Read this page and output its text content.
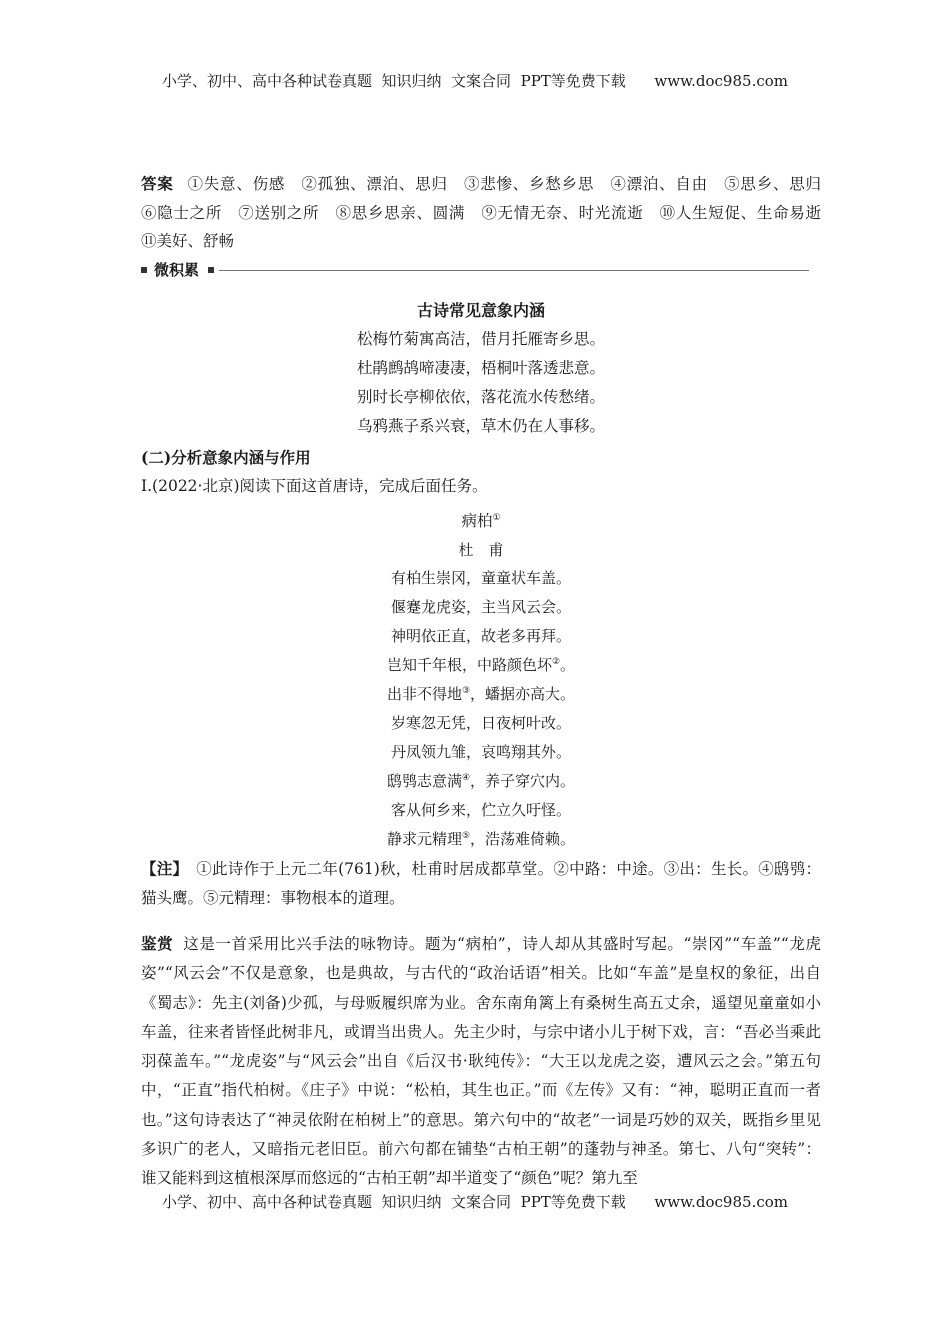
小学、初中、高中各种试卷真题  知识归纳  文案合同  PPT等免费下载      www.doc985.com

答案 ①失意、伤感　②孤独、漂泊、思归　③悲惨、乡愁乡思　④漂泊、自由　⑤思乡、思归　⑥隐士之所　⑦送别之所　⑧思乡思亲、圆满　⑨无情无奈、时光流逝　⑩人生短促、生命易逝　⑪美好、舒畅

微积累
古诗常见意象内涵
松梅竹菊寓高洁，借月托雁寄乡思。
杜鹃鹧鸪啼凄凄，梧桐叶落透悲意。
别时长亭柳依依，落花流水传愁绪。
乌鸦燕子系兴衰，草木仍在人事移。
(二)分析意象内涵与作用
Ⅰ.(2022·北京)阅读下面这首唐诗，完成后面任务。
病柏①
杜　甫
有柏生崇冈，童童状车盖。
偃蹇龙虎姿，主当风云会。
神明依正直，故老多再拜。
岂知千年根，中路颜色坏②。
出非不得地③，蟠据亦高大。
岁寒忽无凭，日夜柯叶改。
丹凤领九雏，哀鸣翔其外。
鸱鸮志意满④，养子穿穴内。
客从何乡来，伫立久吁怪。
静求元精理⑤，浩荡难倚赖。

【注】 ①此诗作于上元二年(761)秋，杜甫时居成都草堂。②中路：中途。③出：生长。④鸱鸮：猫头鹰。⑤元精理：事物根本的道理。

鉴赏 这是一首采用比兴手法的咏物诗。题为“病柏”，诗人却从其盛时写起。“崇冈”“车盖”“龙虎姿”“风云会”不仅是意象，也是典故，与古代的“政治话语”相关。比如“车盖”是皇权的象征，出自《蜀志》：先主(刘备)少孤，与母贩履织席为业。舍东南角篱上有桑树生高五丈余，遥望见童童如小车盖，往来者皆怪此树非凡，或谓当出贵人。先主少时，与宗中诸小儿于树下戏，言：“吾必当乘此羽葆盖车。”“龙虎姿”与“风云会”出自《后汉书·耿纯传》：“大王以龙虎之姿，遭风云之会。”第五句中，“正直”指代柏树。《庄子》中说：“松柏，其生也正。”而《左传》又有：“神，聪明正直而一者也。”这句诗表达了“神灵依附在柏树上”的意思。第六句中的“故老”一词是巧妙的双关，既指乡里见多识广的老人，又暗指元老旧臣。前六句都在铺垫“古柏王朝”的蓬勃与神圣。第七、八句“突转”：谁又能料到这植根深厚而悠远的“古柏王朝”却半道变了“颜色”呢？第九至

小学、初中、高中各种试卷真题  知识归纳  文案合同  PPT等免费下载      www.doc985.com
